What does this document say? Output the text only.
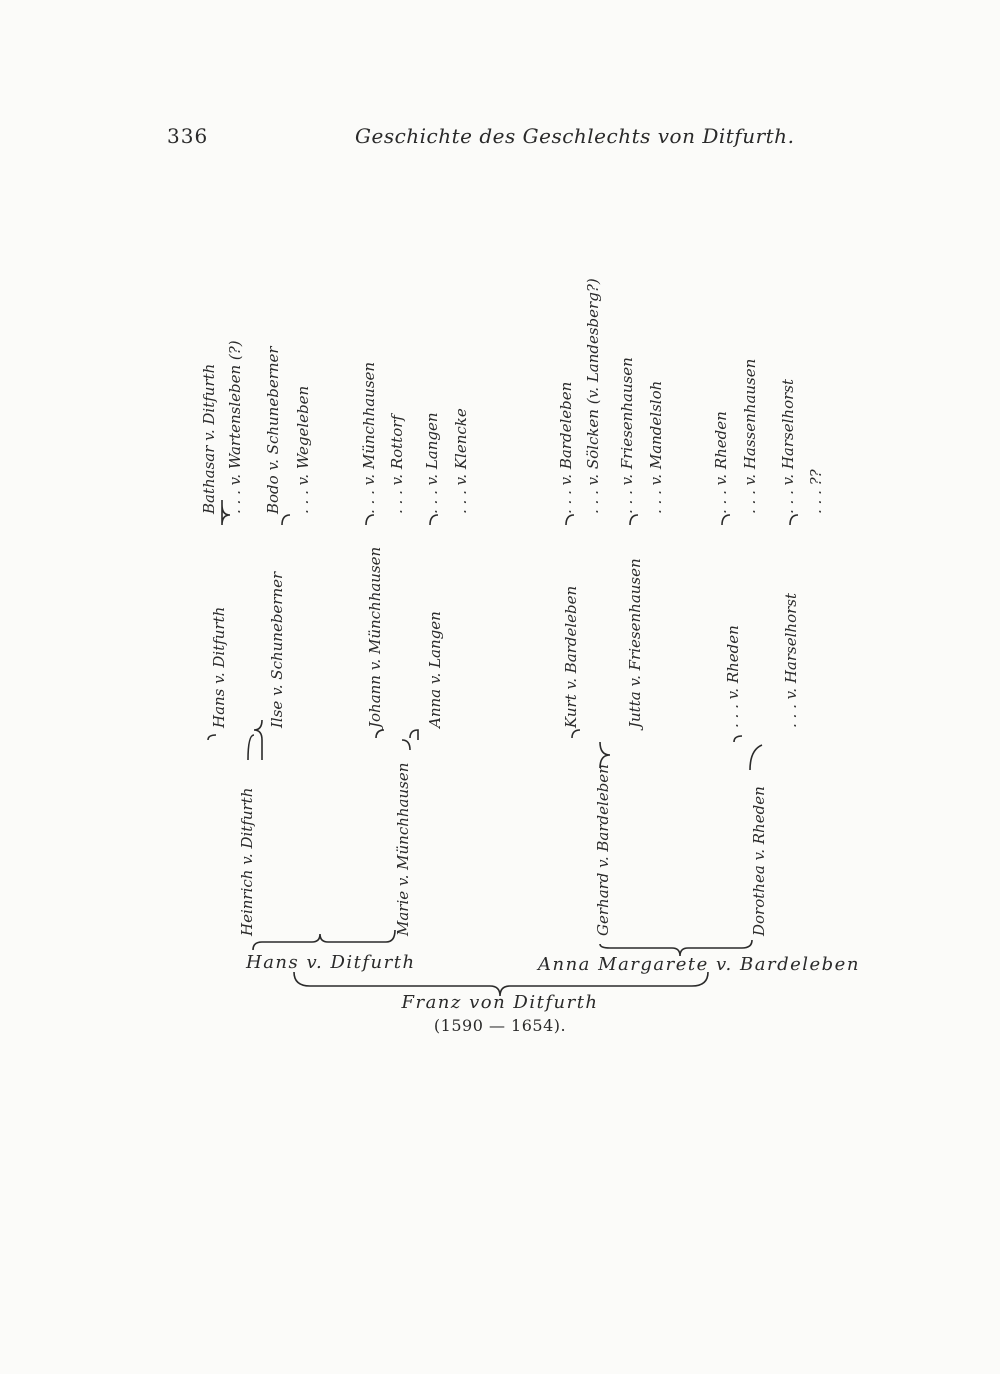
336	Geschichte des Geschlechts von Ditfurth.
Bathasar v. Ditfurth . . . v. Wartensleben (?) Bodo v. Schuneberner . . . v. Wegeleben	. . . v. Münchhausen . . . v. Rottorf . . . v. Langen . . . v. Klencke	. . . v. Bardeleben . . . v. Sölcken (v. Landesberg?) . . . v. Friesenhausen . . . v. Mandelsloh	. . . v. Rheden . . . v. Hassenhausen . . . v. Harselhorst . . . ??
Hans v. Ditfurth	Ilse v. Schuneberner	Johann v. Münchhausen	Anna v. Langen	Kurt v. Bardeleben	Jutta v. Friesenhausen	. . . v. Rheden	. . . v. Harselhorst
Heinrich v. Ditfurth	Marie v. Münchhausen	Gerhard v. Bardeleben	Dorothea v. Rheden
Hans v. Ditfurth	Anna Margarete v. Bardeleben
Franz von Ditfurth
(1590 — 1654).
